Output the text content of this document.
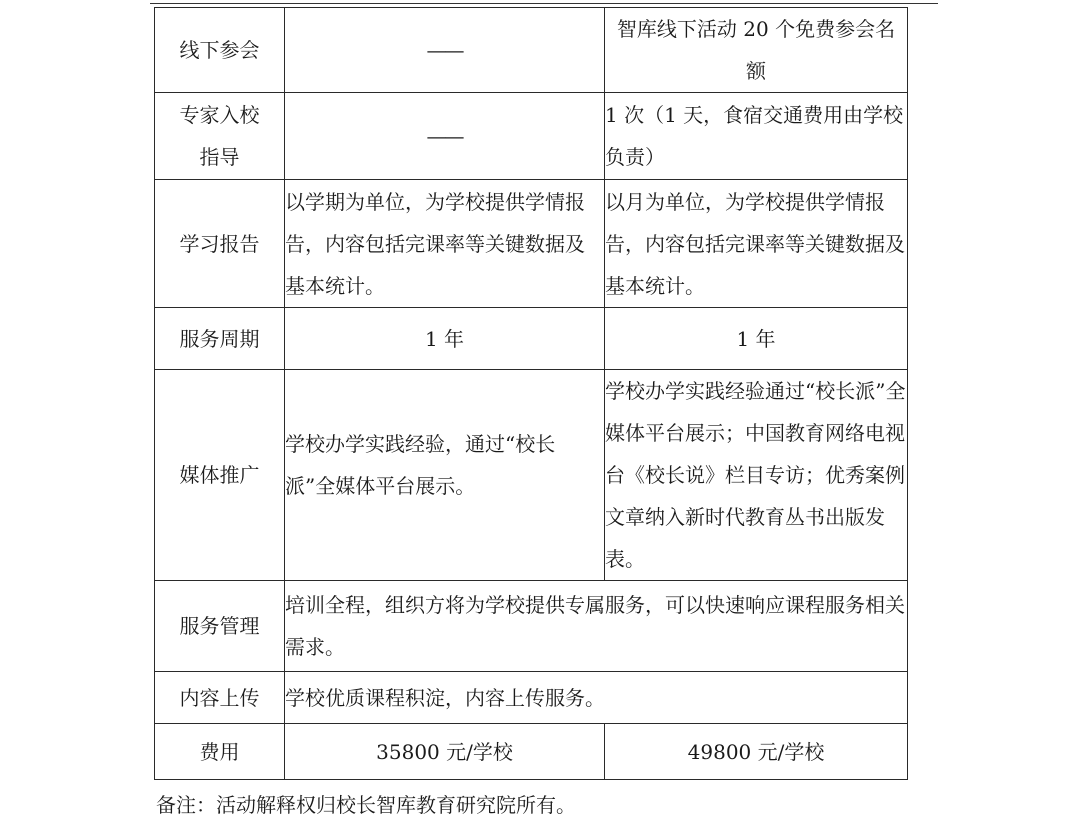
线下参会	——	智库线下活动 20 个免费参会名额
专家入校指导	——	1 次（1 天，食宿交通费用由学校负责）
学习报告	以学期为单位，为学校提供学情报告，内容包括完课率等关键数据及基本统计。	以月为单位，为学校提供学情报告，内容包括完课率等关键数据及基本统计。
服务周期	1 年	1 年
媒体推广	学校办学实践经验，通过“校长派”全媒体平台展示。	学校办学实践经验通过“校长派”全媒体平台展示；中国教育网络电视台《校长说》栏目专访；优秀案例文章纳入新时代教育丛书出版发表。
服务管理	培训全程，组织方将为学校提供专属服务，可以快速响应课程服务相关需求。	
内容上传	学校优质课程积淀，内容上传服务。	
费用	35800 元/学校	49800 元/学校
备注：活动解释权归校长智库教育研究院所有。
